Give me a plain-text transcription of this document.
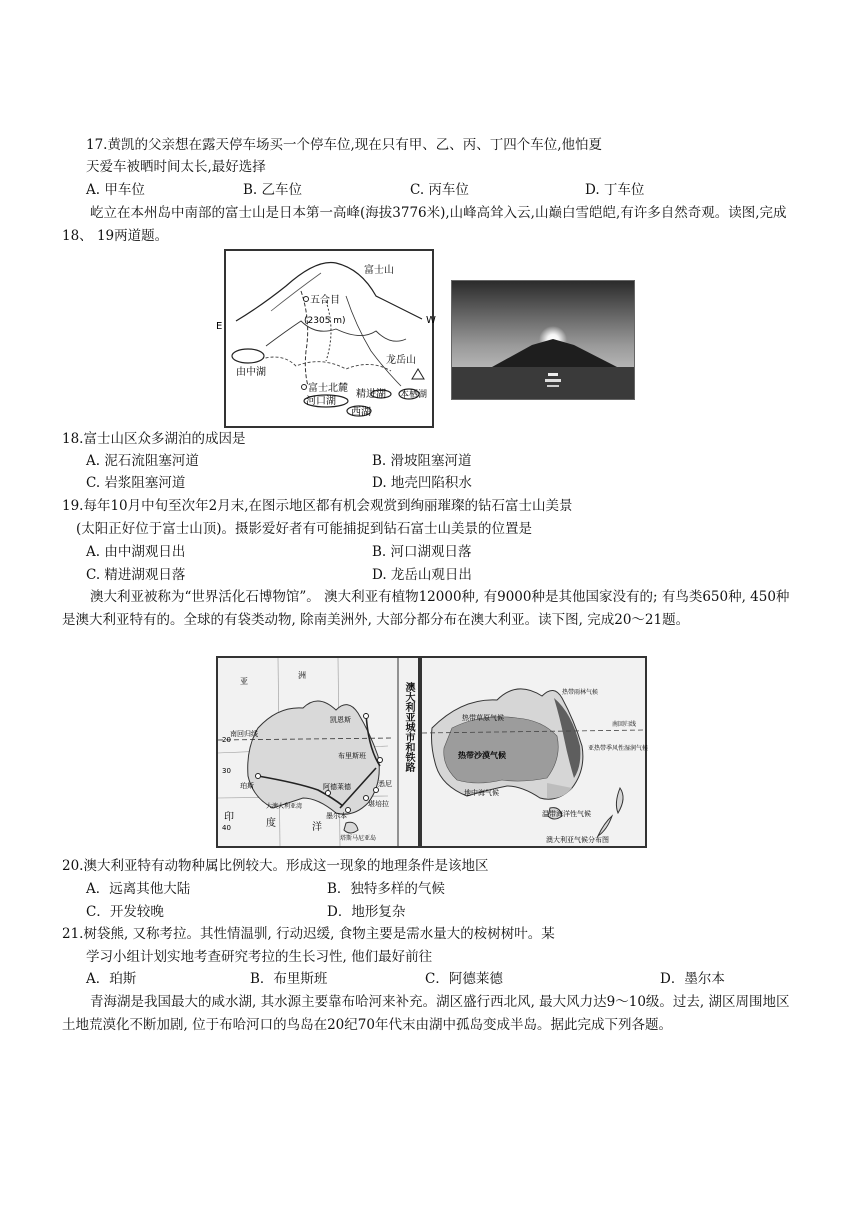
17.黄凯的父亲想在露天停车场买一个停车位,现在只有甲、乙、丙、丁四个车位,他怕夏
天爱车被晒时间太长,最好选择
A. 甲车位	B. 乙车位	C. 丙车位	D. 丁车位
屹立在本州岛中南部的富士山是日本第一高峰(海拔3776米),山峰高耸入云,山巅白雪皑皑,有许多自然奇观。读图,完成18、 19两道题。
富士山
五合目
(2305 m)
E
W
由中湖
富士北麓
河口湖
精进湖 本栖湖
西湖
龙岳山
18.富士山区众多湖泊的成因是
A. 泥石流阻塞河道	B. 滑坡阻塞河道
C. 岩浆阻塞河道	D. 地壳凹陷积水
19.每年10月中旬至次年2月末,在图示地区都有机会观赏到绚丽璀璨的钻石富士山美景
(太阳正好位于富士山顶)。摄影爱好者有可能捕捉到钻石富士山美景的位置是
A. 由中湖观日出	B. 河口湖观日落
C. 精进湖观日落	D. 龙岳山观日出
澳大利亚被称为“世界活化石博物馆”。 澳大利亚有植物12000种, 有9000种是其他国家没有的; 有鸟类650种, 450种是澳大利亚特有的。全球的有袋类动物, 除南美洲外, 大部分都分布在澳大利亚。读下图, 完成20～21题。
亚
洲
凯恩斯
布里斯班
珀斯	阿德莱德	悉尼
墨尔本
堪培拉
南回归线
大澳大利亚湾
塔斯马尼亚岛
印
度	洋
20
30
40
澳大利亚城市和铁路	热带草原气候
热带沙漠气候
地中海气候
温带海洋性气候
亚热带季风性湿润气候
热带雨林气候
南回归线
澳大利亚气候分布图
20.澳大利亚特有动物种属比例较大。形成这一现象的地理条件是该地区
A．远离其他大陆	B．独特多样的气候
C．开发较晚	D．地形复杂
21.树袋熊, 又称考拉。其性情温驯, 行动迟缓, 食物主要是需水量大的桉树树叶。某
学习小组计划实地考查研究考拉的生长习性, 他们最好前往
A．珀斯	B．布里斯班	C．阿德莱德	D．墨尔本
青海湖是我国最大的咸水湖, 其水源主要靠布哈河来补充。湖区盛行西北风, 最大风力达9～10级。过去, 湖区周围地区土地荒漠化不断加剧, 位于布哈河口的鸟岛在20纪70年代末由湖中孤岛变成半岛。据此完成下列各题。
